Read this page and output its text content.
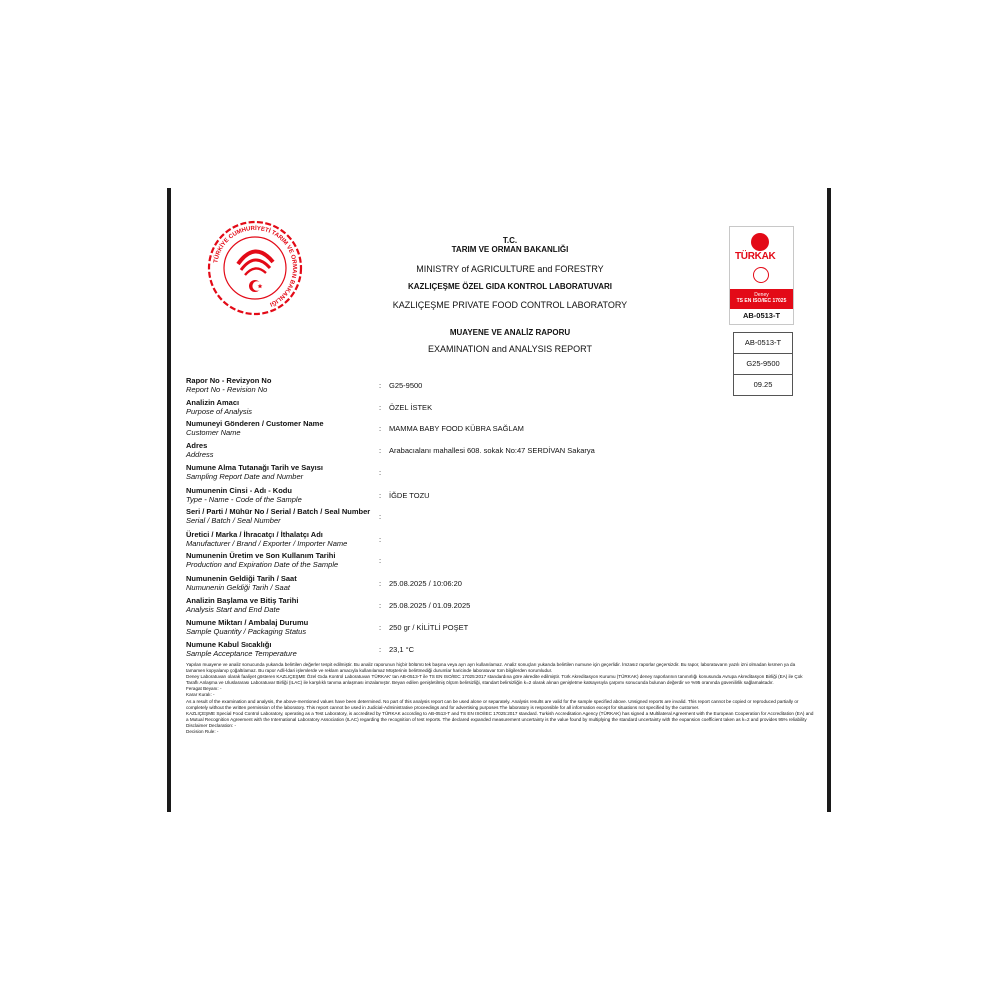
TÜRKİYE CUMHURİYETİ TARIM VE ORMAN BAKANLIĞI
T.C.
TARIM VE ORMAN BAKANLIĞI
MINISTRY of AGRICULTURE and FORESTRY
KAZLIÇEŞME ÖZEL GIDA KONTROL LABORATUVARI
KAZLIÇEŞME PRIVATE FOOD CONTROL LABORATORY
MUAYENE VE ANALİZ RAPORU
EXAMINATION and ANALYSIS REPORT
TÜRKAK
Deney
TS EN ISO/IEC 17025
AB-0513-T
AB-0513-T
G25-9500
09.25
Rapor No - Revizyon No
Report No - Revision No	: G25-9500
Analizin Amacı
Purpose of Analysis	: ÖZEL İSTEK
Numuneyi Gönderen / Customer Name
Customer Name	: MAMMA BABY FOOD KÜBRA SAĞLAM
Adres
Address	: Arabacıalanı mahallesi 608. sokak No:47 SERDİVAN Sakarya
Numune Alma Tutanağı Tarih ve Sayısı
Sampling Report Date and Number	:
Numunenin Cinsi - Adı - Kodu
Type - Name - Code of the Sample	: İĞDE TOZU
Seri / Parti / Mühür No / Serial / Batch / Seal Number
Serial / Batch / Seal Number	:
Üretici / Marka / İhracatçı / İthalatçı Adı
Manufacturer / Brand / Exporter / Importer Name	:
Numunenin Üretim ve Son Kullanım Tarihi
Production and Expiration Date of the Sample	:
Numunenin Geldiği Tarih / Saat
Numunenin Geldiği Tarih / Saat	: 25.08.2025 / 10:06:20
Analizin Başlama ve Bitiş Tarihi
Analysis Start and End Date	: 25.08.2025 / 01.09.2025
Numune Miktarı / Ambalaj Durumu
Sample Quantity / Packaging Status	: 250 gr / KİLİTLİ POŞET
Numune Kabul Sıcaklığı
Sample Acceptance Temperature	: 23,1 °C

Yapılan muayene ve analiz sonucunda yukarıda belirtilen değerler tespit edilmiştir. Bu analiz raporunun hiçbir bölümü tek başına veya ayrı ayrı kullanılamaz. Analiz sonuçları yukarıda belirtilen numune için geçerlidir. İmzasız raporlar geçersizdir. Bu rapor, laboratuvarın yazılı izni olmadan kısmen ya da tamamen kopyalanıp çoğaltılamaz. Bu rapor Adli-İdari işlemlerde ve reklam amacıyla kullanılamaz Müşterinin belirtmediği durumlar haricinde laboratuvar tüm bilgilerden sorumludur.

Deney Laboratuvarı olarak faaliyet gösteren KAZLIÇEŞME Özel Gıda Kontrol Laboratuvarı TÜRKAK' tan AB-0513-T ile TS EN ISO/IEC 17025:2017 standardına göre akredite edilmiştir. Türk Akreditasyon Kurumu (TÜRKAK) deney raporlarının tanınırlığı konusunda Avrupa Akreditasyon Birliği (EA) ile Çok Taraflı Anlaşma ve Uluslararası Laboratuvar Birliği (ILAC) ile karşılıklı tanıma anlaşması imzalamıştır. Beyan edilen genişletilmiş ölçüm belirsizliği, standart belirsizliğin k=2 olarak alınan genişletme katsayısıyla çarpımı sonucunda bulunan değerdir ve %95 oranında güvenilirlik sağlamaktadır.

Feragat Beyanı: -

Karar Kuralı: -

As a result of the examination and analysis, the above-mentioned values have been determined. No part of this analysis report can be used alone or separately. Analysis results are valid for the sample specified above. Unsigned reports are invalid. This report cannot be copied or reproduced partially or completely without the written permission of the laboratory. This report cannot be used in Judicial-Administrative proceedings and for advertising purposes The laboratory is responsible for all information except for situations not specified by the customer.

KAZLIÇEŞME Special Food Control Laboratory, operating as a Test Laboratory, is accredited by TÜRKAK according to AB-0513-T and TS EN ISO/IEC 17025:2017 standard. Turkish Accreditation Agency (TÜRKAK) has signed a Multilateral Agreement with the European Cooperation for Accreditation (EA) and a Mutual Recognition Agreement with the International Laboratory Association (ILAC) regarding the recognition of test reports. The declared expanded measurement uncertainty is the value found by multiplying the standard uncertainty with the expansion coefficient taken as k=2 and provides 95% reliability

Disclaimer Declaration: -

Decision Rule: -
